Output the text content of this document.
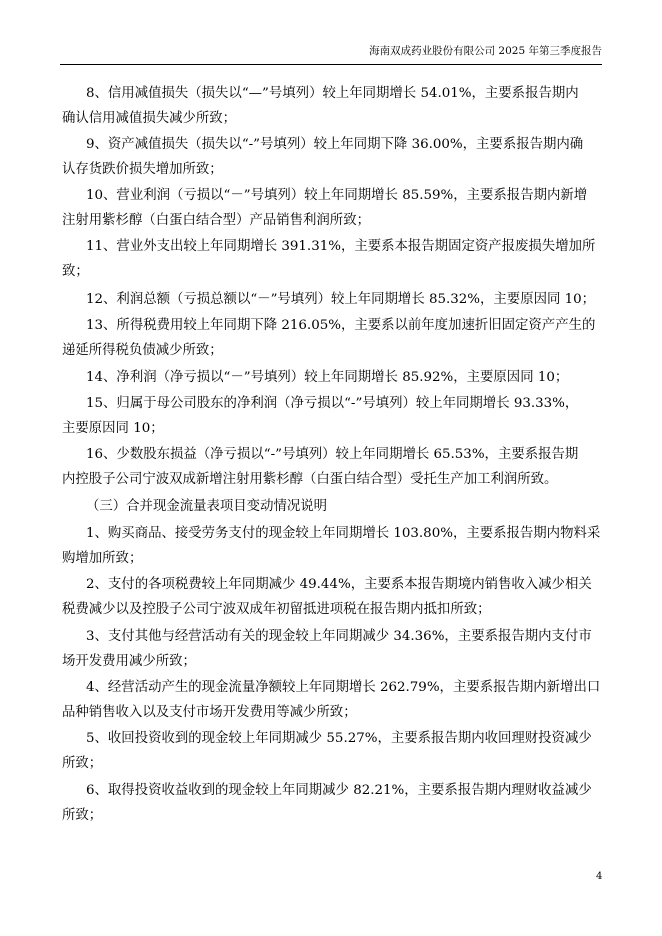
海南双成药业股份有限公司 2025 年第三季度报告
8、信用减值损失（损失以“—”号填列）较上年同期增长 54.01%，主要系报告期内
确认信用减值损失减少所致；
9、资产减值损失（损失以“-”号填列）较上年同期下降 36.00%，主要系报告期内确
认存货跌价损失增加所致；
10、营业利润（亏损以“－”号填列）较上年同期增长 85.59%，主要系报告期内新增
注射用紫杉醇（白蛋白结合型）产品销售利润所致；
11、营业外支出较上年同期增长 391.31%，主要系本报告期固定资产报废损失增加所
致；
12、利润总额（亏损总额以“－”号填列）较上年同期增长 85.32%，主要原因同 10；
13、所得税费用较上年同期下降 216.05%，主要系以前年度加速折旧固定资产产生的
递延所得税负债减少所致；
14、净利润（净亏损以“－”号填列）较上年同期增长 85.92%，主要原因同 10；
15、归属于母公司股东的净利润（净亏损以“-”号填列）较上年同期增长 93.33%，
主要原因同 10；
16、少数股东损益（净亏损以“-”号填列）较上年同期增长 65.53%，主要系报告期
内控股子公司宁波双成新增注射用紫杉醇（白蛋白结合型）受托生产加工利润所致。
（三）合并现金流量表项目变动情况说明
1、购买商品、接受劳务支付的现金较上年同期增长 103.80%，主要系报告期内物料采
购增加所致；
2、支付的各项税费较上年同期减少 49.44%，主要系本报告期境内销售收入减少相关
税费减少以及控股子公司宁波双成年初留抵进项税在报告期内抵扣所致；
3、支付其他与经营活动有关的现金较上年同期减少 34.36%，主要系报告期内支付市
场开发费用减少所致；
4、经营活动产生的现金流量净额较上年同期增长 262.79%，主要系报告期内新增出口
品种销售收入以及支付市场开发费用等减少所致；
5、收回投资收到的现金较上年同期减少 55.27%，主要系报告期内收回理财投资减少
所致；
6、取得投资收益收到的现金较上年同期减少 82.21%，主要系报告期内理财收益减少
所致；
4
